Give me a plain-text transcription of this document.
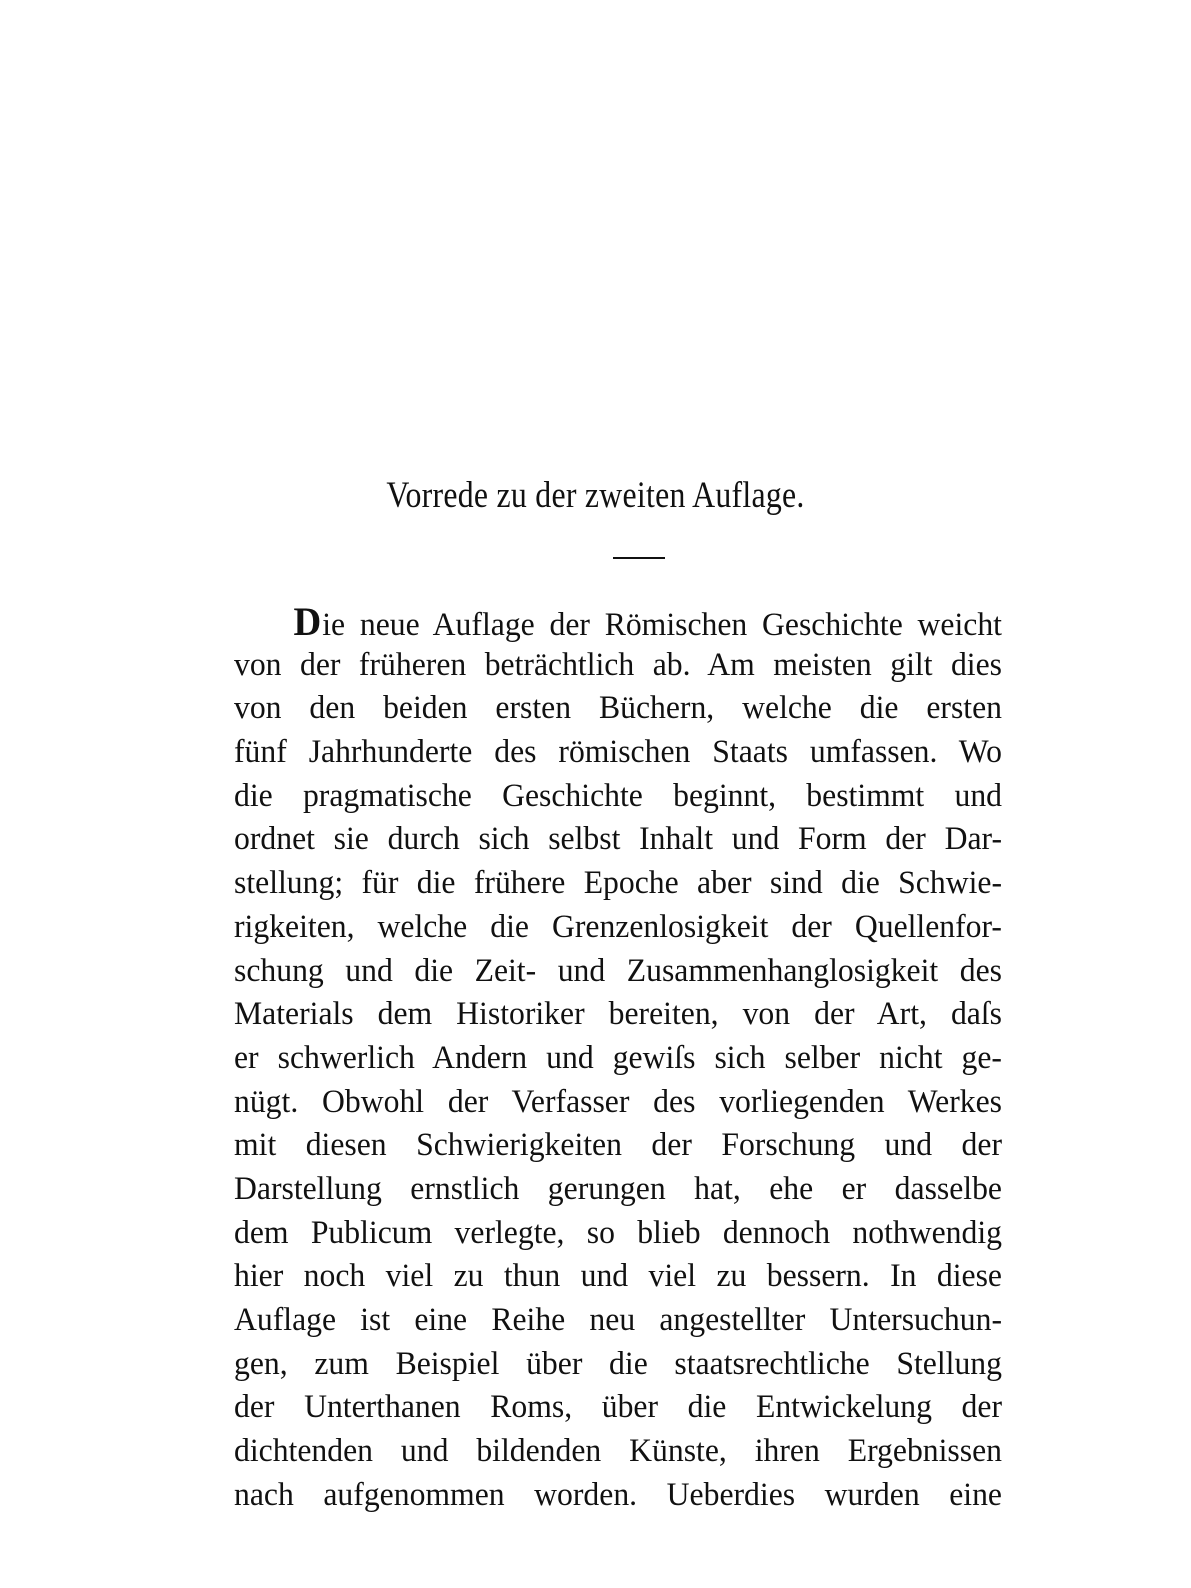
Vorrede zu der zweiten Auflage.
Die neue Auflage der Römischen Geschichte weicht
von der früheren beträchtlich ab. Am meisten gilt dies
von den beiden ersten Büchern, welche die ersten
fünf Jahrhunderte des römischen Staats umfassen. Wo
die pragmatische Geschichte beginnt, bestimmt und
ordnet sie durch sich selbst Inhalt und Form der Dar-
stellung; für die frühere Epoche aber sind die Schwie-
rigkeiten, welche die Grenzenlosigkeit der Quellenfor-
schung und die Zeit- und Zusammenhanglosigkeit des
Materials dem Historiker bereiten, von der Art, daſs
er schwerlich Andern und gewiſs sich selber nicht ge-
nügt. Obwohl der Verfasser des vorliegenden Werkes
mit diesen Schwierigkeiten der Forschung und der
Darstellung ernstlich gerungen hat, ehe er dasselbe
dem Publicum verlegte, so blieb dennoch nothwendig
hier noch viel zu thun und viel zu bessern. In diese
Auflage ist eine Reihe neu angestellter Untersuchun-
gen, zum Beispiel über die staatsrechtliche Stellung
der Unterthanen Roms, über die Entwickelung der
dichtenden und bildenden Künste, ihren Ergebnissen
nach aufgenommen worden. Ueberdies wurden eine
